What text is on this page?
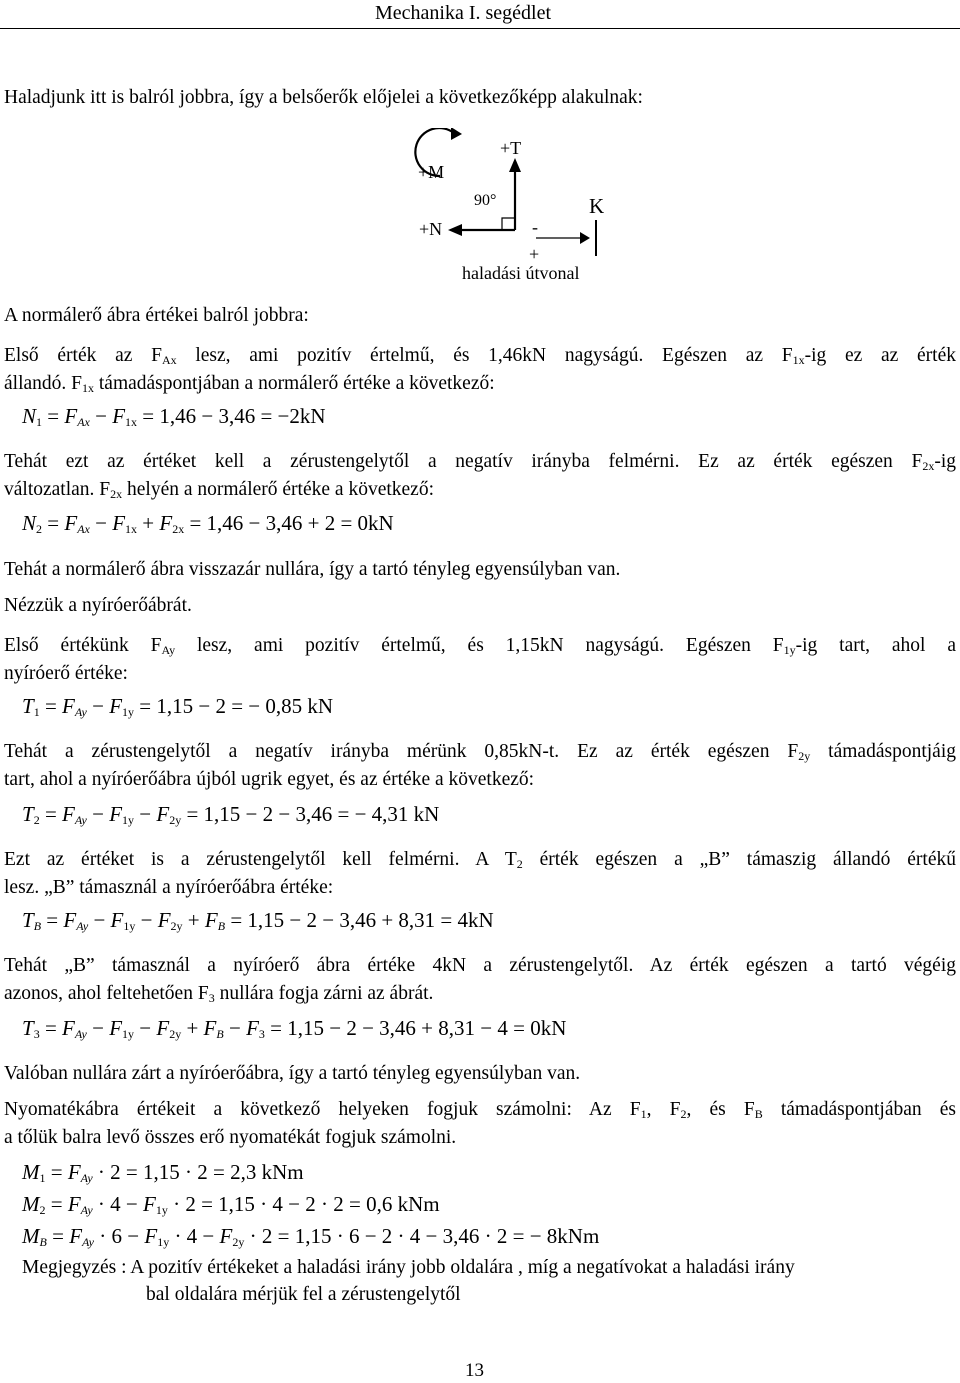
Mechanika I. segédlet
Haladjunk itt is balról jobbra, így a belsőerők előjelei a következőképp alakulnak:
+M
+T
+N
90°	K
-
+
haladási útvonal
A normálerő ábra értékei balról jobbra:
Első érték az $F_{Ax}$ lesz, ami pozitív értelmű, és 1,46kN nagyságú. Egészen az $F_{1x}-ig$ ez az érték
állandó. $F_{1x}$ támadáspontjában a normálerő értéke a következő:
$N_1 = F_{Ax} - F_{1x} = 1,46 - 3,46 = -2kN$
Tehát ezt az értéket kell a zérustengelytől a negatív irányba felmérni. Ez az érték egészen $F_{2x}-ig$
változatlan. $F_{2x}$ helyén a normálerő értéke a következő:
$N_2 = F_{Ax} - F_{1x} + F_{2x} = 1,46 - 3,46 + 2 = 0kN$
Tehát a normálerő ábra visszazár nullára, így a tartó tényleg egyensúlyban van.
Nézzük a nyíróerőábrát.
Első értékünk $F_{Ay}$ lesz, ami pozitív értelmű, és 1,15kN nagyságú. Egészen $F_{1y}-ig$ tart, ahol a
nyíróerő értéke:
$T_1 = F_{Ay} - F_{1y} = 1,15 - 2$ = − 0,85 kN
Tehát a zérustengelytől a negatív irányba mérünk 0,85kN-t. Ez az érték egészen $F_{2y}$ támadáspontjáig
tart, ahol a nyíróerőábra újból ugrik egyet, és az értéke a következő:
$T_2 = F_{Ay} - F_{1y} - F_{2y} = 1,15 - 2 - 3,46$ = − 4,31 kN
Ezt az értéket is a zérustengelytől kell felmérni. A $T_2$ érték egészen a „B” támaszig állandó értékű
lesz. „B” támasznál a nyíróerőábra értéke:
$T_B = F_{Ay} - F_{1y} - F_{2y} + F_B = 1,15 - 2 - 3,46 + 8,31 = 4kN$
Tehát „B” támasznál a nyíróerő ábra értéke 4kN a zérustengelytől. Az érték egészen a tartó végéig
azonos, ahol feltehetően $F_3$ nullára fogja zárni az ábrát.
$T_3 = F_{Ay} - F_{1y} - F_{2y} + F_B - F_3 = 1,15 - 2 - 3,46 + 8,31 - 4 = 0kN$
Valóban nullára zárt a nyíróerőábra, így a tartó tényleg egyensúlyban van.
Nyomatékábra értékeit a következő helyeken fogjuk számolni: Az $F_1$, $F_2$, és $F_B$ támadáspontjában és
a tőlük balra levő összes erő nyomatékát fogjuk számolni.
$M_1 = F_{Ay} \cdot 2 = 1,15 \cdot 2 = 2,3$ kNm
$M_2 = F_{Ay} \cdot 4 - F_{1y} \cdot 2 = 1,15 \cdot 4 - 2 \cdot 2 = 0,6$ kNm
$M_B = F_{Ay} \cdot 6 - F_{1y} \cdot 4 - F_{2y} \cdot 2 = 1,15 \cdot 6 - 2 \cdot 4 - 3,46 \cdot 2$ = − 8kNm
Megjegyzés : A pozitív értékeket a haladási irány jobb oldalára , míg a negatívokat a haladási irány
bal oldalára mérjük fel a zérustengelytől
13
